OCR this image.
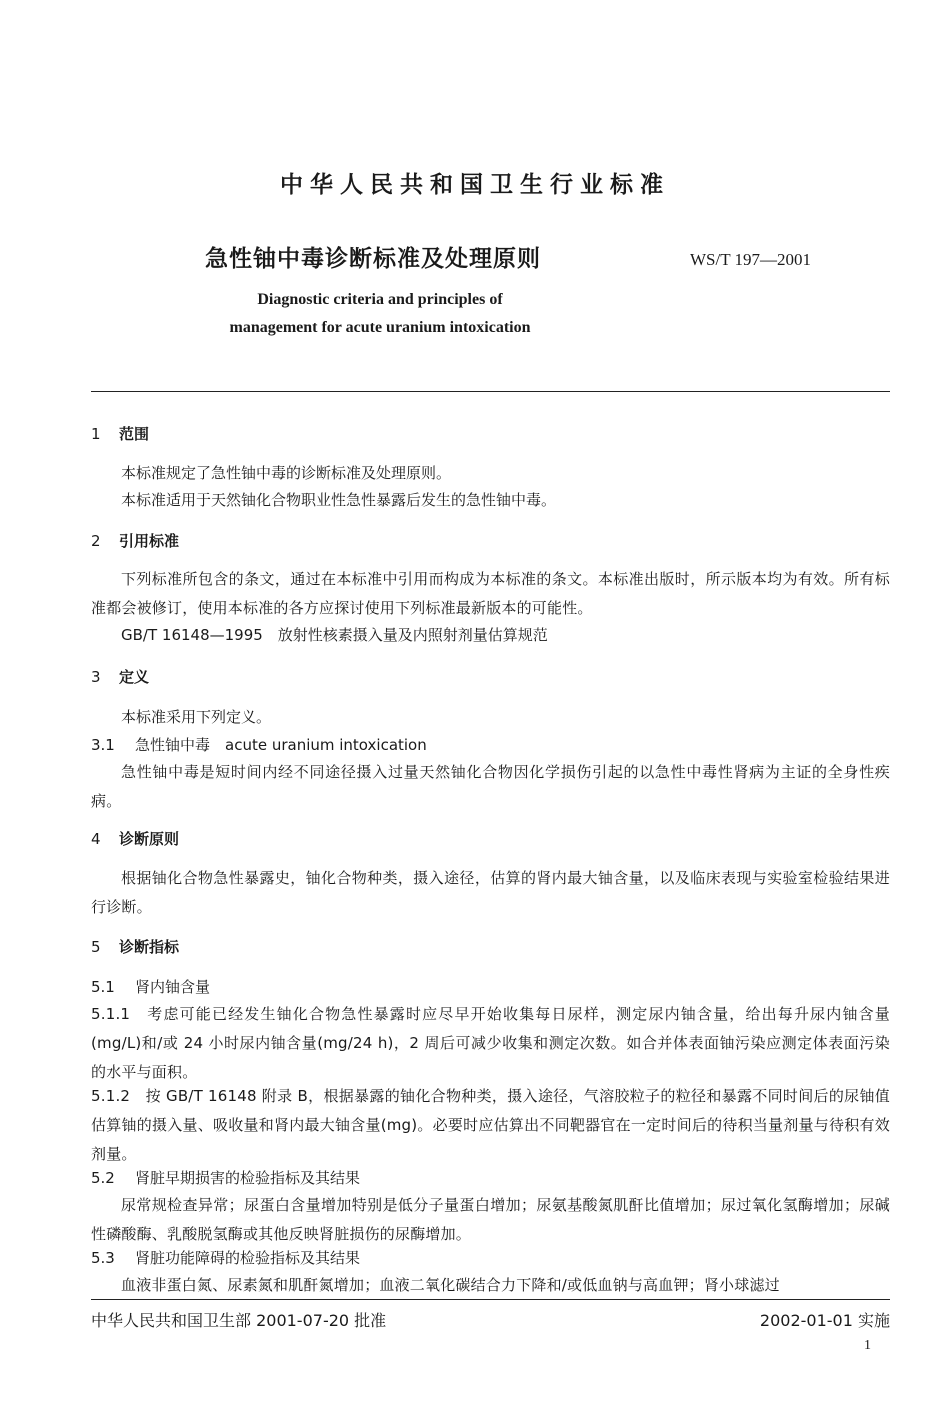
中华人民共和国卫生行业标准
急性铀中毒诊断标准及处理原则	WS/T 197—2001
Diagnostic criteria and principles of
management for acute uranium intoxication
1 范围
本标准规定了急性铀中毒的诊断标准及处理原则。
本标准适用于天然铀化合物职业性急性暴露后发生的急性铀中毒。
2 引用标准
下列标准所包含的条文，通过在本标准中引用而构成为本标准的条文。本标准出版时，所示版本均为有效。所有标准都会被修订，使用本标准的各方应探讨使用下列标准最新版本的可能性。
GB/T 16148—1995　放射性核素摄入量及内照射剂量估算规范
3 定义
本标准采用下列定义。
3.1 急性铀中毒　acute uranium intoxication
急性铀中毒是短时间内经不同途径摄入过量天然铀化合物因化学损伤引起的以急性中毒性肾病为主证的全身性疾病。
4 诊断原则
根据铀化合物急性暴露史，铀化合物种类，摄入途径，估算的肾内最大铀含量，以及临床表现与实验室检验结果进行诊断。
5 诊断指标
5.1 肾内铀含量
5.1.1　考虑可能已经发生铀化合物急性暴露时应尽早开始收集每日尿样，测定尿内铀含量，给出每升尿内铀含量(mg/L)和/或 24 小时尿内铀含量(mg/24 h)，2 周后可减少收集和测定次数。如合并体表面铀污染应测定体表面污染的水平与面积。
5.1.2　按 GB/T 16148 附录 B，根据暴露的铀化合物种类，摄入途径，气溶胶粒子的粒径和暴露不同时间后的尿铀值估算铀的摄入量、吸收量和肾内最大铀含量(mg)。必要时应估算出不同靶器官在一定时间后的待积当量剂量与待积有效剂量。
5.2 肾脏早期损害的检验指标及其结果
尿常规检查异常；尿蛋白含量增加特别是低分子量蛋白增加；尿氨基酸氮肌酐比值增加；尿过氧化氢酶增加；尿碱性磷酸酶、乳酸脱氢酶或其他反映肾脏损伤的尿酶增加。
5.3 肾脏功能障碍的检验指标及其结果
血液非蛋白氮、尿素氮和肌酐氮增加；血液二氧化碳结合力下降和/或低血钠与高血钾；肾小球滤过
中华人民共和国卫生部 2001-07-20 批准	2002-01-01 实施
1
